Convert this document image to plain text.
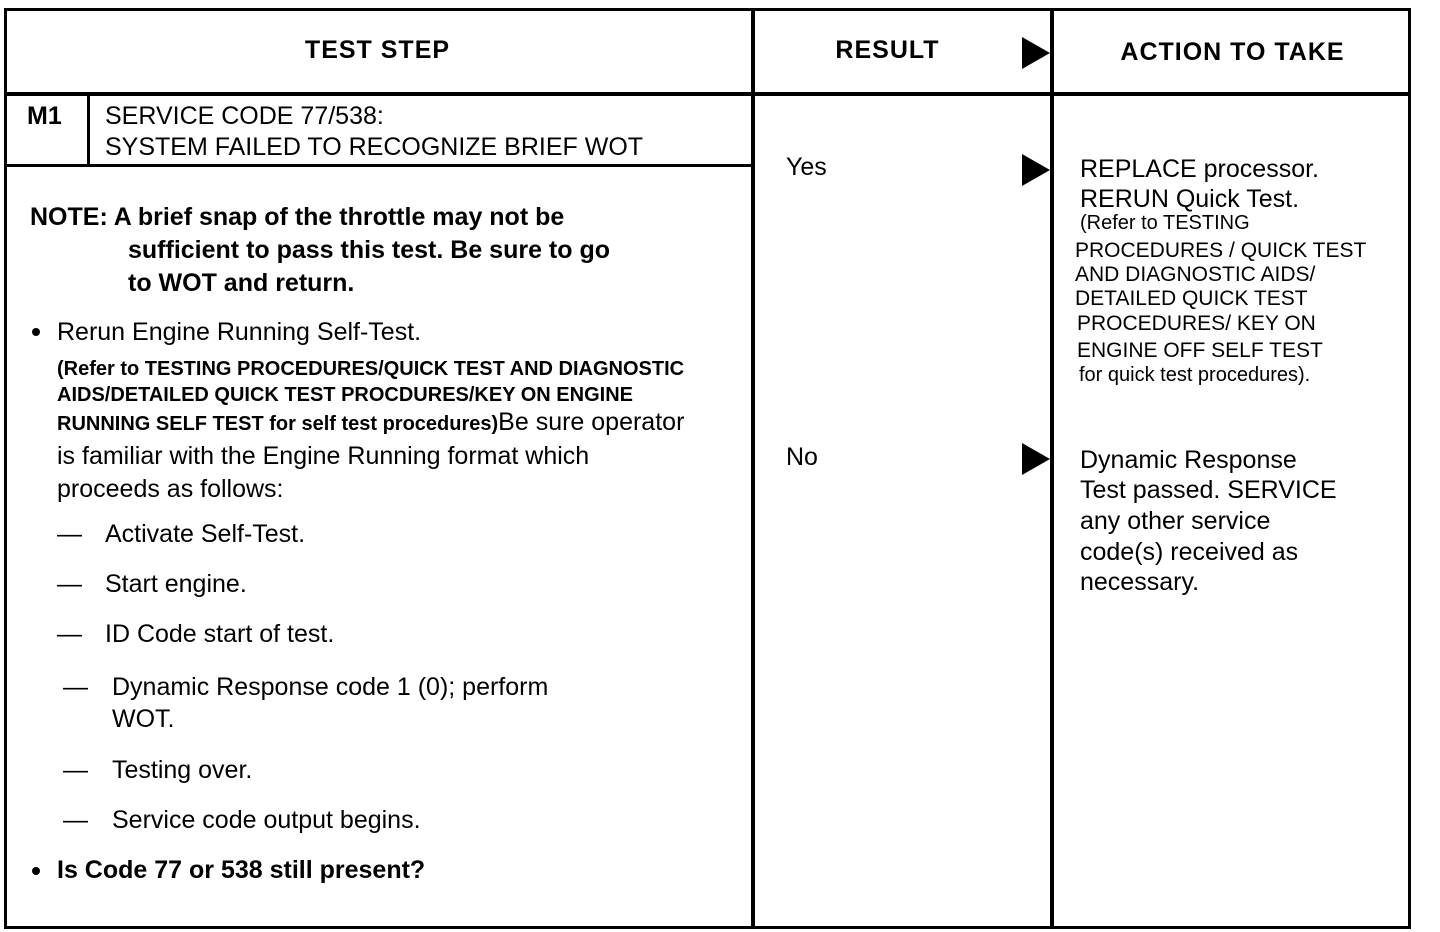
TEST STEP	RESULT	ACTION TO TAKE
M1 SERVICE CODE 77/538:
SYSTEM FAILED TO RECOGNIZE BRIEF WOT
NOTE: A brief snap of the throttle may not be
sufficient to pass this test. Be sure to go
to WOT and return.
Rerun Engine Running Self-Test.
(Refer to TESTING PROCEDURES/QUICK TEST AND DIAGNOSTIC
AIDS/DETAILED QUICK TEST PROCDURES/KEY ON ENGINE
RUNNING SELF TEST for self test procedures)Be sure operator
is familiar with the Engine Running format which
proceeds as follows:
— Activate Self-Test.
— Start engine.
— ID Code start of test.
— Dynamic Response code 1 (0); perform
WOT.
— Testing over.
— Service code output begins.
Is Code 77 or 538 still present?
Yes
No
REPLACE processor.
RERUN Quick Test.
(Refer to TESTING
PROCEDURES / QUICK TEST
AND DIAGNOSTIC AIDS/
DETAILED QUICK TEST
PROCEDURES/ KEY ON
ENGINE OFF SELF TEST
for quick test procedures).
Dynamic Response
Test passed. SERVICE
any other service
code(s) received as
necessary.
